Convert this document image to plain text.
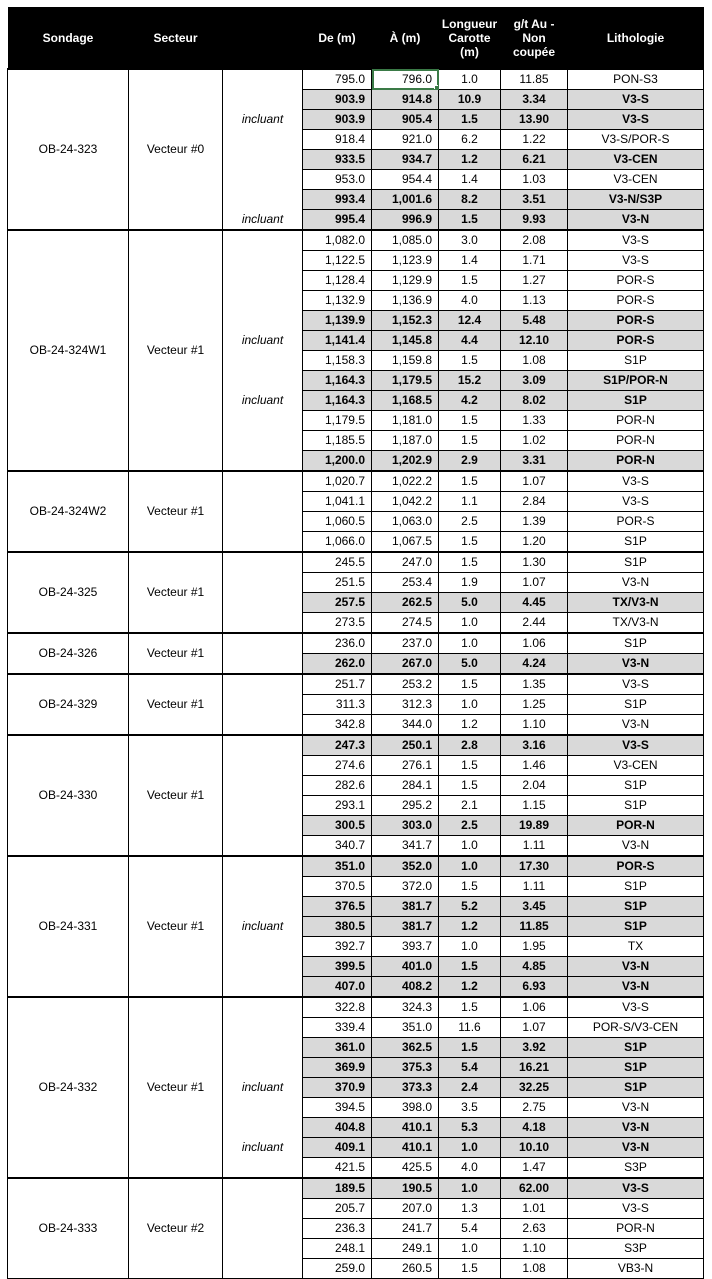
Sondage	Secteur		De (m)	À (m)	Longueur Carotte (m)	g/t Au - Non coupée	Lithologie
OB-24-323	Vecteur #0		795.0	796.0	1.0	11.85	PON-S3
			903.9	914.8	10.9	3.34	V3-S
		incluant	903.9	905.4	1.5	13.90	V3-S
			918.4	921.0	6.2	1.22	V3-S/POR-S
			933.5	934.7	1.2	6.21	V3-CEN
			953.0	954.4	1.4	1.03	V3-CEN
			993.4	1,001.6	8.2	3.51	V3-N/S3P
		incluant	995.4	996.9	1.5	9.93	V3-N
OB-24-324W1	Vecteur #1		1,082.0	1,085.0	3.0	2.08	V3-S
			1,122.5	1,123.9	1.4	1.71	V3-S
			1,128.4	1,129.9	1.5	1.27	POR-S
			1,132.9	1,136.9	4.0	1.13	POR-S
			1,139.9	1,152.3	12.4	5.48	POR-S
		incluant	1,141.4	1,145.8	4.4	12.10	POR-S
			1,158.3	1,159.8	1.5	1.08	S1P
			1,164.3	1,179.5	15.2	3.09	S1P/POR-N
		incluant	1,164.3	1,168.5	4.2	8.02	S1P
			1,179.5	1,181.0	1.5	1.33	POR-N
			1,185.5	1,187.0	1.5	1.02	POR-N
			1,200.0	1,202.9	2.9	3.31	POR-N
OB-24-324W2	Vecteur #1		1,020.7	1,022.2	1.5	1.07	V3-S
			1,041.1	1,042.2	1.1	2.84	V3-S
			1,060.5	1,063.0	2.5	1.39	POR-S
			1,066.0	1,067.5	1.5	1.20	S1P
OB-24-325	Vecteur #1		245.5	247.0	1.5	1.30	S1P
			251.5	253.4	1.9	1.07	V3-N
			257.5	262.5	5.0	4.45	TX/V3-N
			273.5	274.5	1.0	2.44	TX/V3-N
OB-24-326	Vecteur #1		236.0	237.0	1.0	1.06	S1P
			262.0	267.0	5.0	4.24	V3-N
OB-24-329	Vecteur #1		251.7	253.2	1.5	1.35	V3-S
			311.3	312.3	1.0	1.25	S1P
			342.8	344.0	1.2	1.10	V3-N
OB-24-330	Vecteur #1		247.3	250.1	2.8	3.16	V3-S
			274.6	276.1	1.5	1.46	V3-CEN
			282.6	284.1	1.5	2.04	S1P
			293.1	295.2	2.1	1.15	S1P
			300.5	303.0	2.5	19.89	POR-N
			340.7	341.7	1.0	1.11	V3-N
OB-24-331	Vecteur #1		351.0	352.0	1.0	17.30	POR-S
			370.5	372.0	1.5	1.11	S1P
			376.5	381.7	5.2	3.45	S1P
		incluant	380.5	381.7	1.2	11.85	S1P
			392.7	393.7	1.0	1.95	TX
			399.5	401.0	1.5	4.85	V3-N
			407.0	408.2	1.2	6.93	V3-N
OB-24-332	Vecteur #1		322.8	324.3	1.5	1.06	V3-S
			339.4	351.0	11.6	1.07	POR-S/V3-CEN
			361.0	362.5	1.5	3.92	S1P
			369.9	375.3	5.4	16.21	S1P
		incluant	370.9	373.3	2.4	32.25	S1P
			394.5	398.0	3.5	2.75	V3-N
			404.8	410.1	5.3	4.18	V3-N
		incluant	409.1	410.1	1.0	10.10	V3-N
			421.5	425.5	4.0	1.47	S3P
OB-24-333	Vecteur #2		189.5	190.5	1.0	62.00	V3-S
			205.7	207.0	1.3	1.01	V3-S
			236.3	241.7	5.4	2.63	POR-N
			248.1	249.1	1.0	1.10	S3P
			259.0	260.5	1.5	1.08	VB3-N
